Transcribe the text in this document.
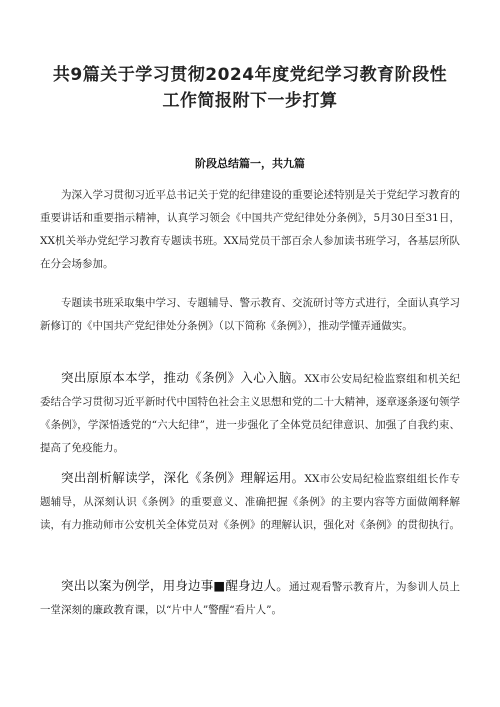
共9篇关于学习贯彻2024年度党纪学习教育阶段性
工作简报附下一步打算
阶段总结篇一，共九篇

为深入学习贯彻习近平总书记关于党的纪律建设的重要论述特别是关于党纪学习教育的重要讲话和重要指示精神，认真学习领会《中国共产党纪律处分条例》，5月30日至31日，XX机关举办党纪学习教育专题读书班。XX局党员干部百余人参加读书班学习，各基层所队在分会场参加。

专题读书班采取集中学习、专题辅导、警示教育、交流研讨等方式进行，全面认真学习新修订的《中国共产党纪律处分条例》（以下简称《条例》），推动学懂弄通做实。

突出原原本本学，推动《条例》入心入脑。XX市公安局纪检监察组和机关纪委结合学习贯彻习近平新时代中国特色社会主义思想和党的二十大精神，逐章逐条逐句领学《条例》，学深悟透党的“六大纪律”，进一步强化了全体党员纪律意识、加强了自我约束、提高了免疫能力。

突出剖析解读学，深化《条例》理解运用。XX市公安局纪检监察组组长作专题辅导，从深刻认识《条例》的重要意义、准确把握《条例》的主要内容等方面做阐释解读，有力推动师市公安机关全体党员对《条例》的理解认识，强化对《条例》的贯彻执行。

突出以案为例学，用身边事■醒身边人。通过观看警示教育片，为参训人员上一堂深刻的廉政教育课，以“片中人”警醒“看片人”。
